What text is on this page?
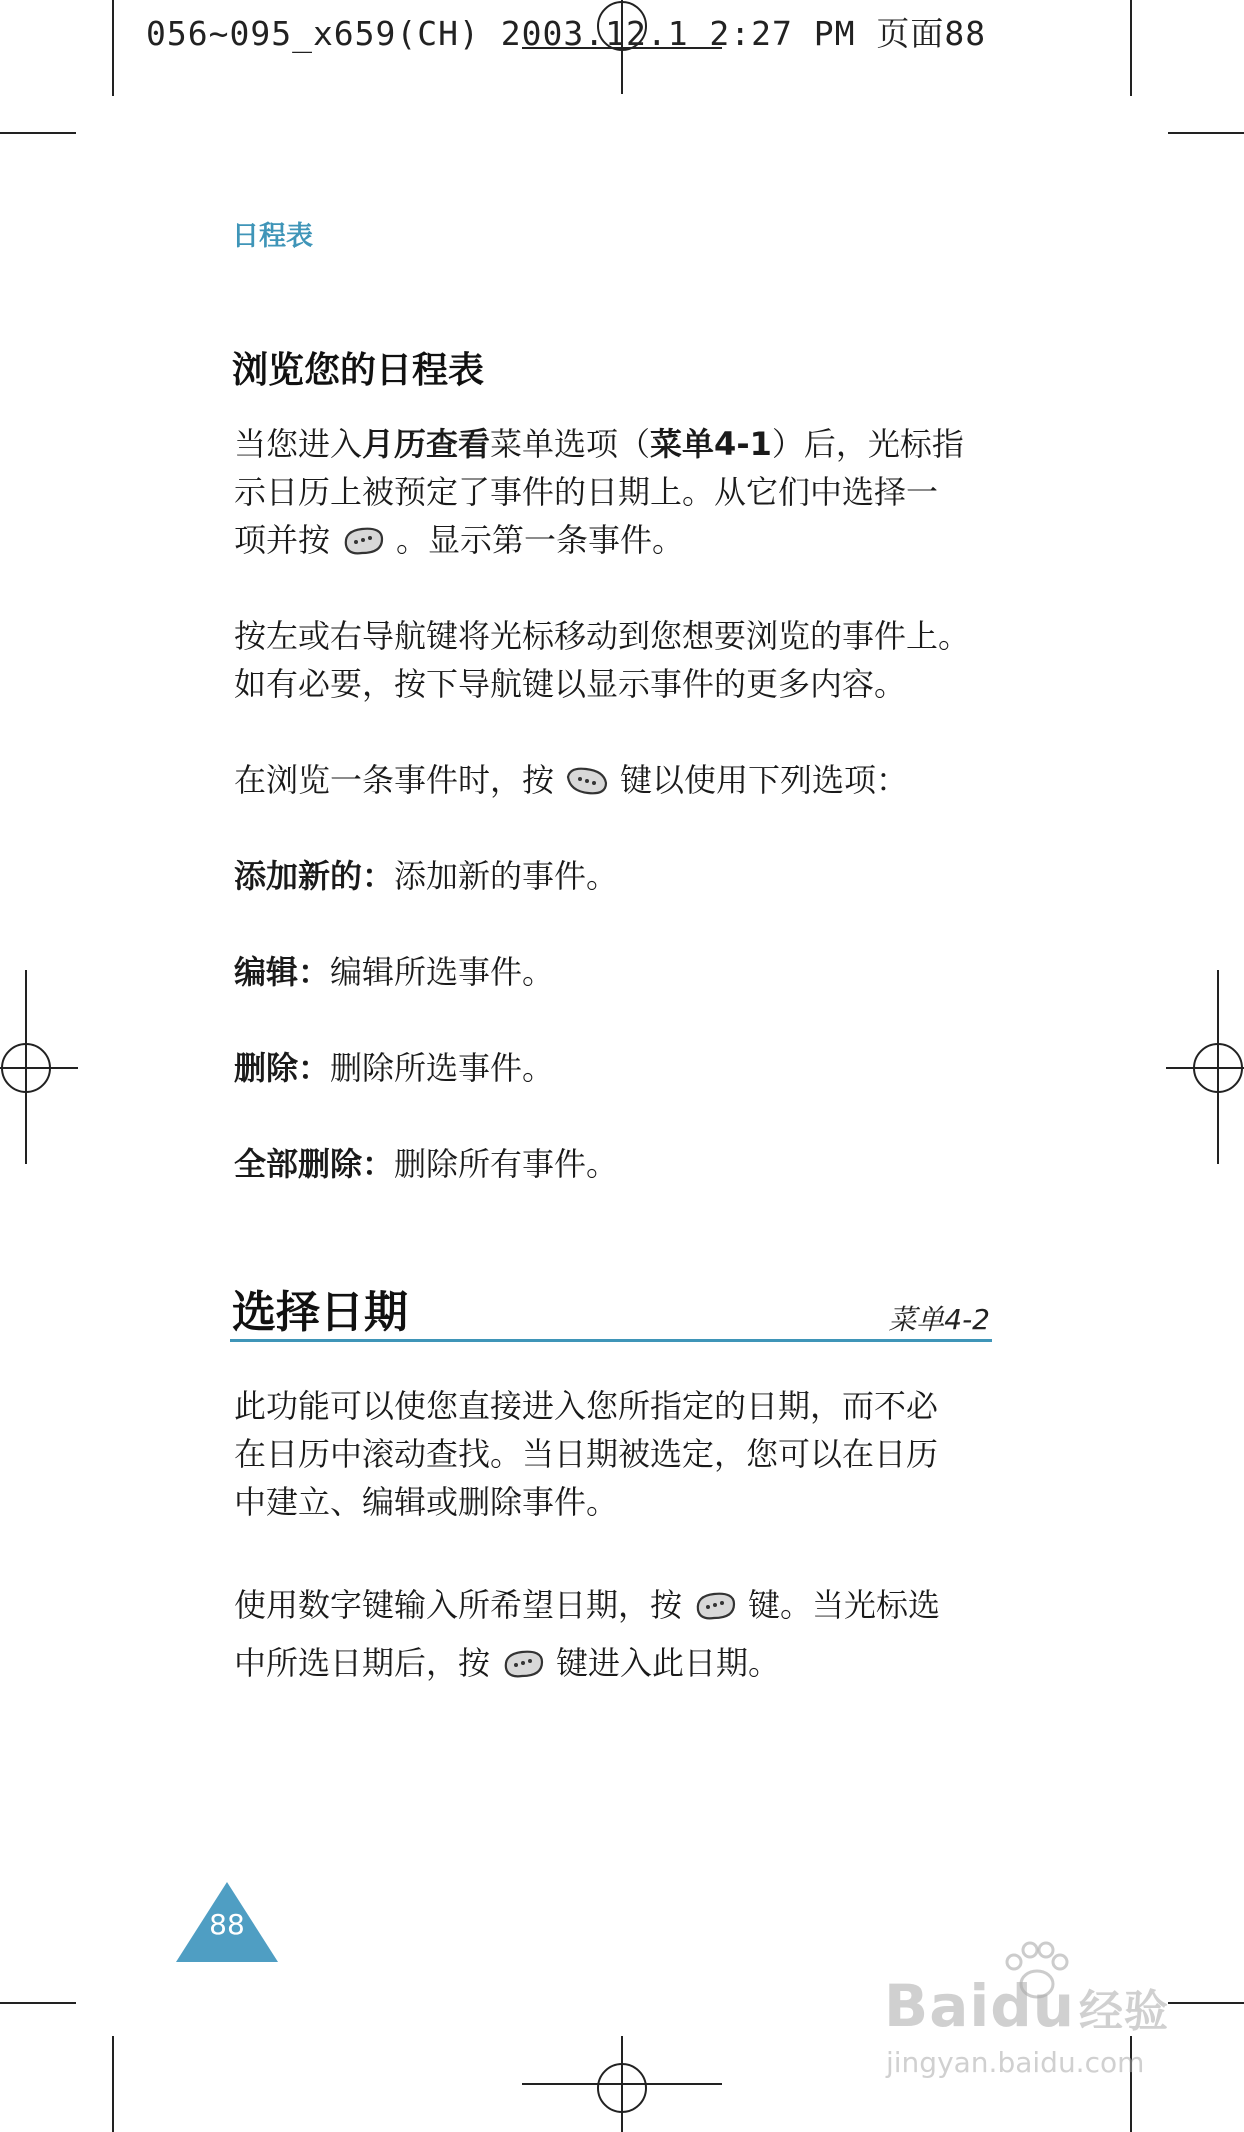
056~095_x659(CH) 2003.12.1 2:27 PM 页面88
日程表
浏览您的日程表
当您进入月历查看菜单选项（菜单4-1）后，光标指
示日历上被预定了事件的日期上。从它们中选择一
项并按 。显示第一条事件。
按左或右导航键将光标移动到您想要浏览的事件上。
如有必要，按下导航键以显示事件的更多内容。
在浏览一条事件时，按 键以使用下列选项：
添加新的：添加新的事件。
编辑：编辑所选事件。
删除：删除所选事件。
全部删除：删除所有事件。
选择日期	菜单4-2
此功能可以使您直接进入您所指定的日期，而不必
在日历中滚动查找。当日期被选定，您可以在日历
中建立、编辑或删除事件。
使用数字键输入所希望日期，按 键。当光标选
中所选日期后，按 键进入此日期。
88
Baidu经验
jingyan.baidu.com
